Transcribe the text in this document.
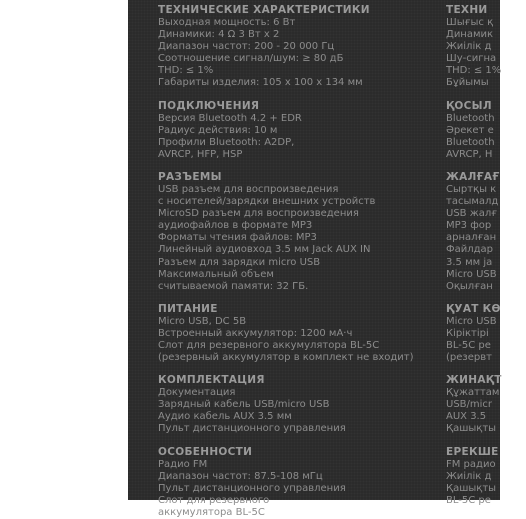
ТЕХНИЧЕСКИЕ ХАРАКТЕРИСТИКИ
Выходная мощность: 6 Вт
Динамики: 4 Ω 3 Вт х 2
Диапазон частот: 200 - 20 000 Гц
Соотношение сигнал/шум: ≥ 80 дБ
THD: ≤ 1%
Габариты изделия: 105 х 100 х 134 мм
ПОДКЛЮЧЕНИЯ
Версия Bluetooth 4.2 + EDR
Радиус действия: 10 м
Профили Bluetooth: A2DP,
AVRCP, HFP, HSP
РАЗЪЕМЫ
USB разъем для воспроизведения
с носителей/зарядки внешних устройств
MicroSD разъем для воспроизведения
аудиофайлов в формате MP3
Форматы чтения файлов: MP3
Линейный аудиовход 3.5 мм Jack AUX IN
Разъем для зарядки micro USB
Максимальный объем
считываемой памяти: 32 ГБ.
ПИТАНИЕ
Micro USB, DC 5В
Встроенный аккумулятор: 1200 мА·ч
Слот для резервного аккумулятора BL-5C
(резервный аккумулятор в комплект не входит)
КОМПЛЕКТАЦИЯ
Документация
Зарядный кабель USB/micro USB
Аудио кабель AUX 3.5 мм
Пульт дистанционного управления
ОСОБЕННОСТИ
Радио FM
Диапазон частот: 87.5-108 мГц
Пульт дистанционного управления
Слот для резервного
аккумулятора BL-5C
ТЕХНИ
Шығыс қ
Динамик
Жиілік д
Шу-сигна
THD: ≤ 1%
Бұйымы
ҚОСЫЛ
Bluetooth
Әрекет е
Bluetooth
AVRCP, H
ЖАЛҒАҒ
Сыртқы к
тасымалд
USB жалғ
MP3 фор
арналған
Файлдар
3.5 мм ја
Micro USB
Оқылған
ҚУАТ КӨ
Micro USB
Кіріктірі
BL-5C ре
(резервт
ЖИНАҚТ
Құжаттам
USB/micr
AUX 3.5
Қашықты
ЕРЕКШЕ
FM радио
Жиілік д
Қашықты
BL-5C ре
